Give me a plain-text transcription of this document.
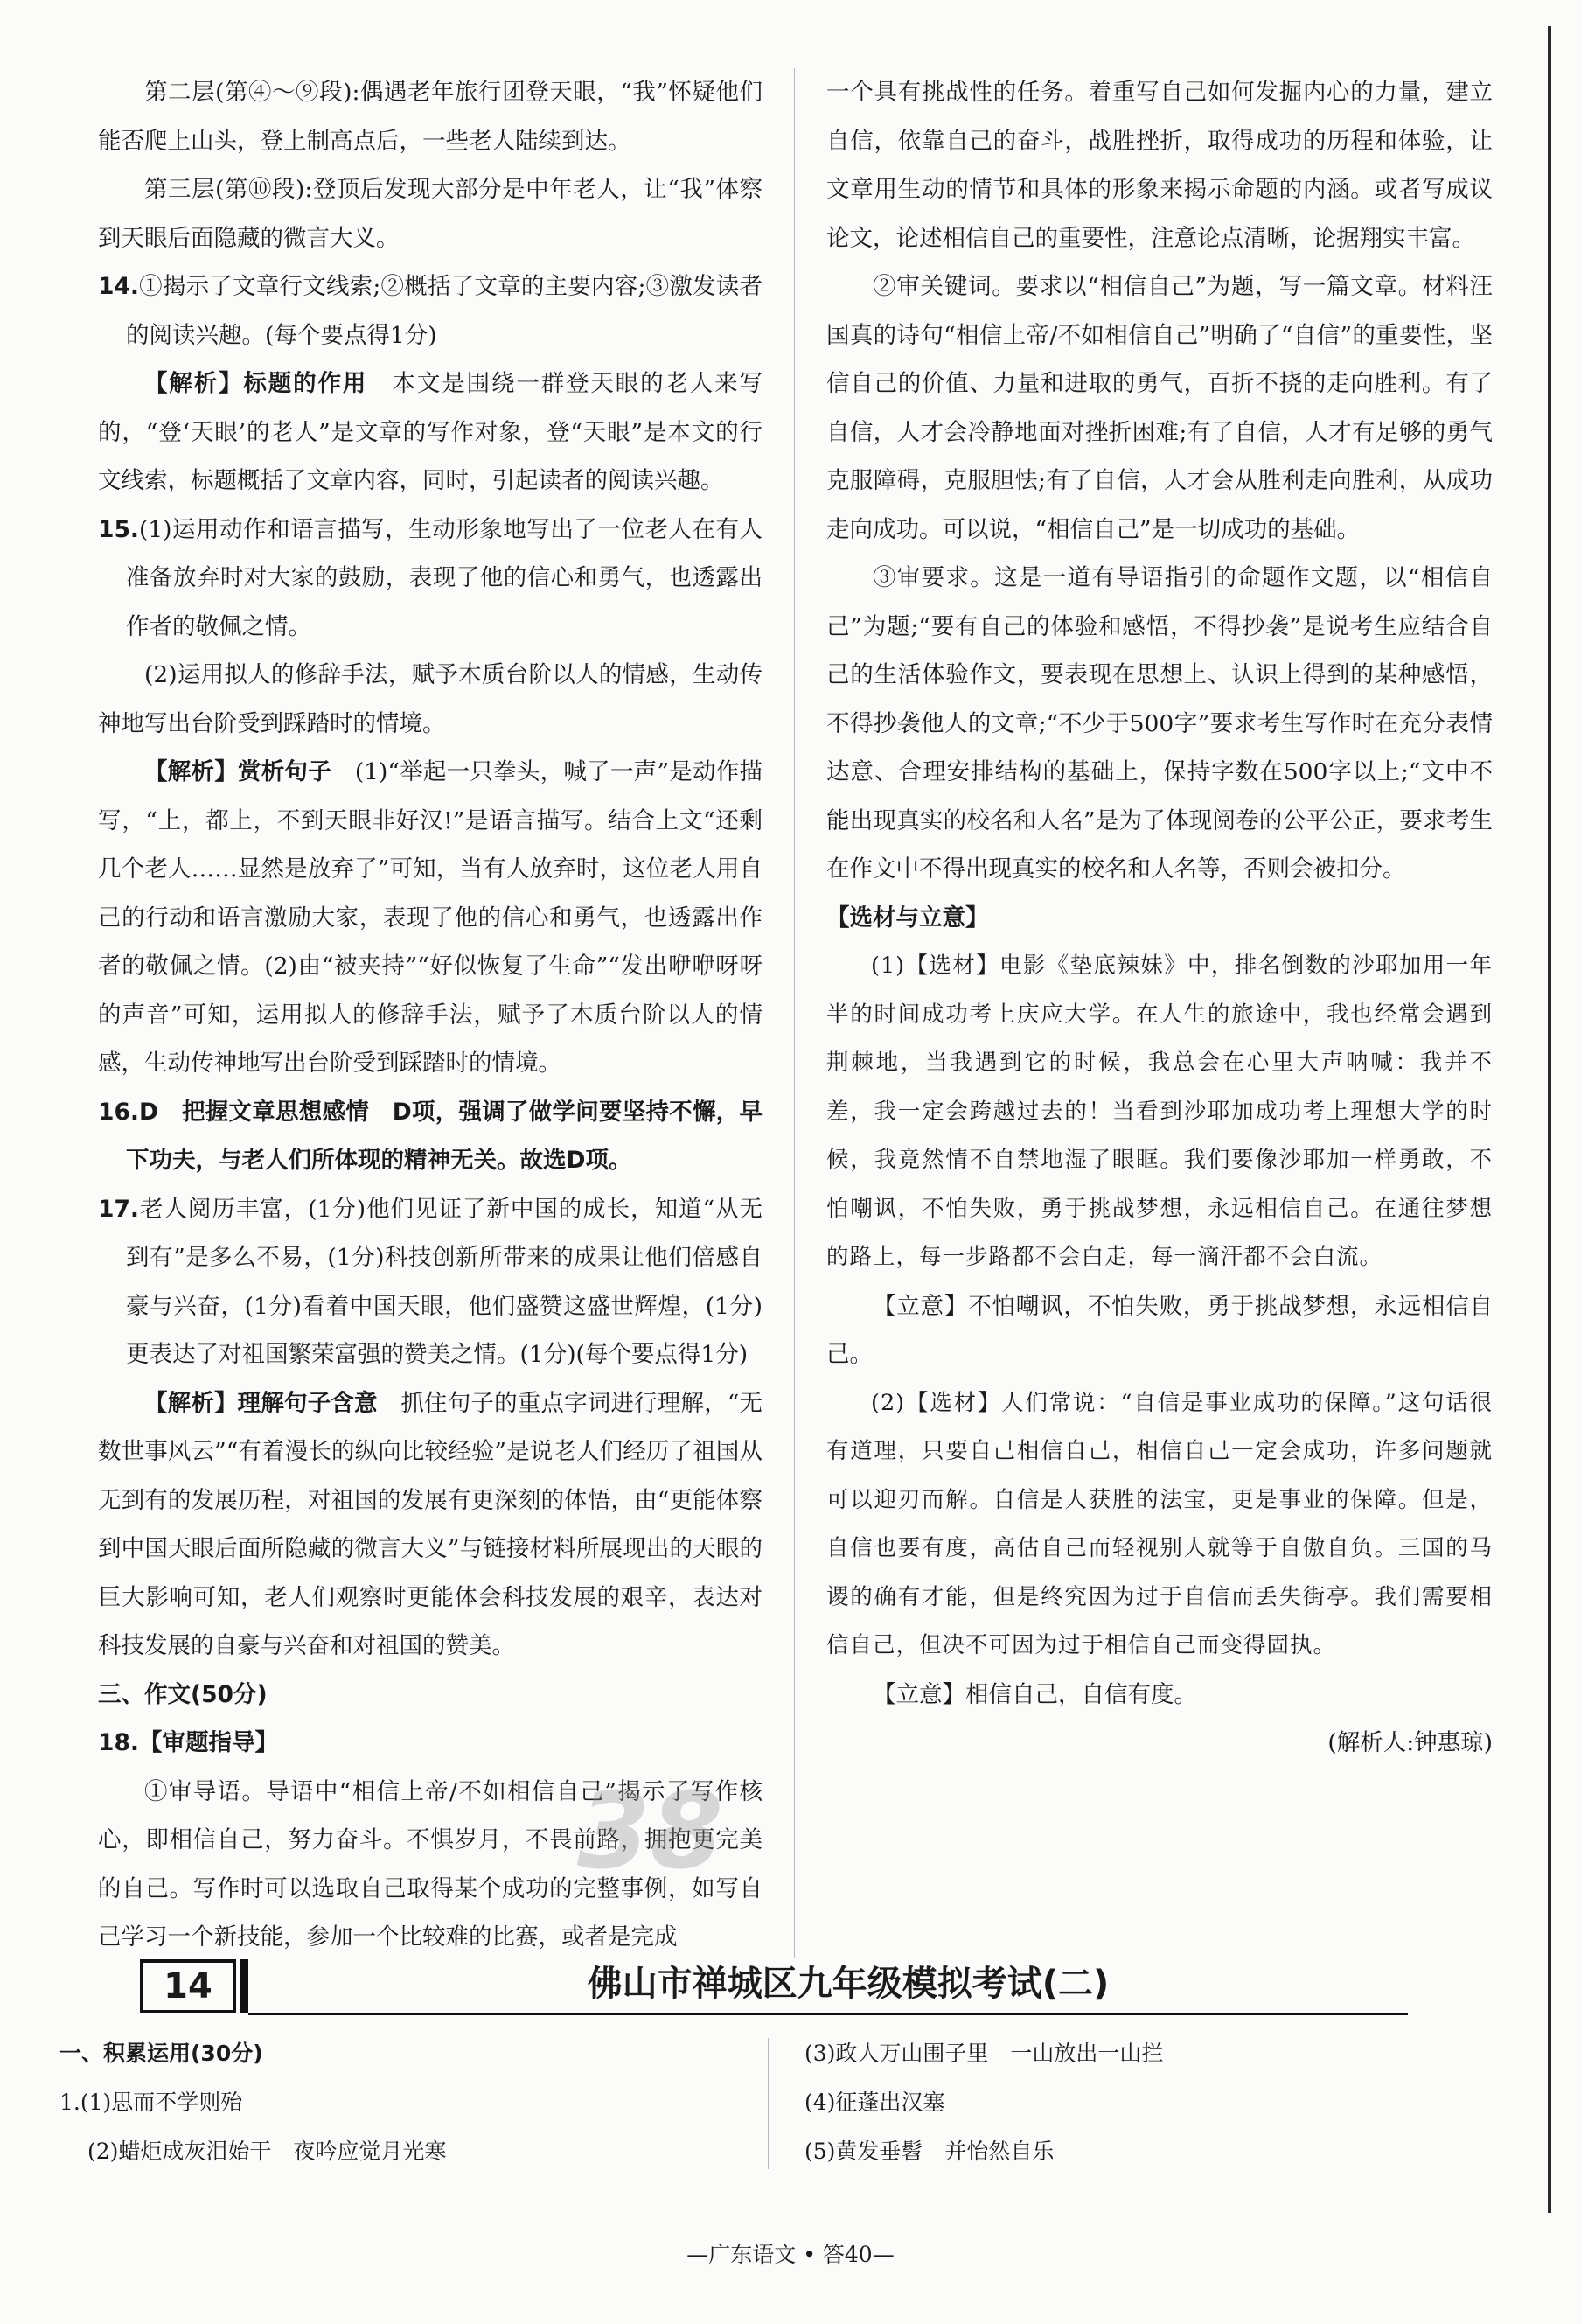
第二层(第④～⑨段):偶遇老年旅行团登天眼，“我”怀疑他们能否爬上山头，登上制高点后，一些老人陆续到达。

第三层(第⑩段):登顶后发现大部分是中年老人，让“我”体察到天眼后面隐藏的微言大义。

14.①揭示了文章行文线索;②概括了文章的主要内容;③激发读者的阅读兴趣。(每个要点得1分)

【解析】标题的作用　 本文是围绕一群登天眼的老人来写的，“登‘天眼’的老人”是文章的写作对象，登“天眼”是本文的行文线索，标题概括了文章内容，同时，引起读者的阅读兴趣。

15.(1)运用动作和语言描写，生动形象地写出了一位老人在有人准备放弃时对大家的鼓励，表现了他的信心和勇气，也透露出作者的敬佩之情。

(2)运用拟人的修辞手法，赋予木质台阶以人的情感，生动传神地写出台阶受到踩踏时的情境。

【解析】赏析句子　 (1)“举起一只拳头，喊了一声”是动作描写，“上，都上，不到天眼非好汉!”是语言描写。结合上文“还剩几个老人……显然是放弃了”可知，当有人放弃时，这位老人用自己的行动和语言激励大家，表现了他的信心和勇气，也透露出作者的敬佩之情。(2)由“被夹持”“好似恢复了生命”“发出咿咿呀呀的声音”可知，运用拟人的修辞手法，赋予了木质台阶以人的情感，生动传神地写出台阶受到踩踏时的情境。

16.D　把握文章思想感情　D项，强调了做学问要坚持不懈，早下功夫，与老人们所体现的精神无关。故选D项。

17.老人阅历丰富，(1分)他们见证了新中国的成长，知道“从无到有”是多么不易，(1分)科技创新所带来的成果让他们倍感自豪与兴奋，(1分)看着中国天眼，他们盛赞这盛世辉煌，(1分)更表达了对祖国繁荣富强的赞美之情。(1分)(每个要点得1分)

【解析】理解句子含意　 抓住句子的重点字词进行理解，“无数世事风云”“有着漫长的纵向比较经验”是说老人们经历了祖国从无到有的发展历程，对祖国的发展有更深刻的体悟，由“更能体察到中国天眼后面所隐藏的微言大义”与链接材料所展现出的天眼的巨大影响可知，老人们观察时更能体会科技发展的艰辛，表达对科技发展的自豪与兴奋和对祖国的赞美。

三、作文(50分)

18.【审题指导】

①审导语。导语中“相信上帝/不如相信自己”揭示了写作核心，即相信自己，努力奋斗。不惧岁月，不畏前路，拥抱更完美的自己。写作时可以选取自己取得某个成功的完整事例，如写自己学习一个新技能，参加一个比较难的比赛，或者是完成

一个具有挑战性的任务。着重写自己如何发掘内心的力量，建立自信，依靠自己的奋斗，战胜挫折，取得成功的历程和体验，让文章用生动的情节和具体的形象来揭示命题的内涵。或者写成议论文，论述相信自己的重要性，注意论点清晰，论据翔实丰富。

②审关键词。要求以“相信自己”为题，写一篇文章。材料汪国真的诗句“相信上帝/不如相信自己”明确了“自信”的重要性，坚信自己的价值、力量和进取的勇气，百折不挠的走向胜利。有了自信，人才会冷静地面对挫折困难;有了自信，人才有足够的勇气克服障碍，克服胆怯;有了自信，人才会从胜利走向胜利，从成功走向成功。可以说，“相信自己”是一切成功的基础。

③审要求。这是一道有导语指引的命题作文题，以“相信自己”为题;“要有自己的体验和感悟，不得抄袭”是说考生应结合自己的生活体验作文，要表现在思想上、认识上得到的某种感悟，不得抄袭他人的文章;“不少于500字”要求考生写作时在充分表情达意、合理安排结构的基础上，保持字数在500字以上;“文中不能出现真实的校名和人名”是为了体现阅卷的公平公正，要求考生在作文中不得出现真实的校名和人名等，否则会被扣分。

【选材与立意】

(1)【选材】电影《垫底辣妹》中，排名倒数的沙耶加用一年半的时间成功考上庆应大学。在人生的旅途中，我也经常会遇到荆棘地，当我遇到它的时候，我总会在心里大声呐喊：我并不差，我一定会跨越过去的！当看到沙耶加成功考上理想大学的时候，我竟然情不自禁地湿了眼眶。我们要像沙耶加一样勇敢，不怕嘲讽，不怕失败，勇于挑战梦想，永远相信自己。在通往梦想的路上，每一步路都不会白走，每一滴汗都不会白流。

【立意】不怕嘲讽，不怕失败，勇于挑战梦想，永远相信自己。

(2)【选材】人们常说：“自信是事业成功的保障。”这句话很有道理，只要自己相信自己，相信自己一定会成功，许多问题就可以迎刃而解。自信是人获胜的法宝，更是事业的保障。但是，自信也要有度，高估自己而轻视别人就等于自傲自负。三国的马谡的确有才能，但是终究因为过于自信而丢失街亭。我们需要相信自己，但决不可因为过于相信自己而变得固执。

【立意】相信自己，自信有度。

(解析人:钟惠琼)

38
14	佛山市禅城区九年级模拟考试(二)

一、积累运用(30分)

1.(1)思而不学则殆

(2)蜡炬成灰泪始干　夜吟应觉月光寒

(3)政人万山围子里　一山放出一山拦

(4)征蓬出汉塞

(5)黄发垂髫　并怡然自乐

—广东语文 • 答40—
